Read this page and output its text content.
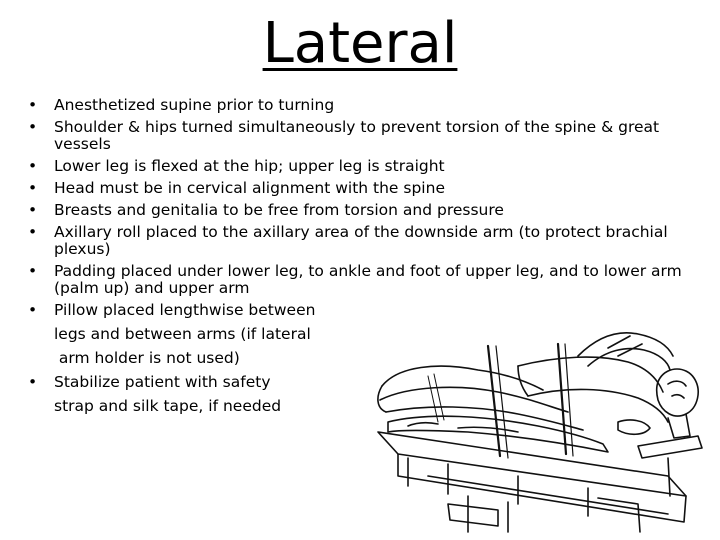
Lateral
• Anesthetized supine prior to turning
• Shoulder & hips turned simultaneously to prevent torsion of the spine & great vessels
• Lower leg is flexed at the hip; upper leg is straight
• Head must be in cervical alignment with the spine
• Breasts and genitalia to be free from torsion and pressure
• Axillary roll placed to the axillary area of the downside arm (to protect brachial plexus)
• Padding placed under lower leg, to ankle and foot of upper leg, and to lower arm (palm up) and upper arm
• Pillow placed lengthwise between
legs and between arms (if lateral
arm holder is not used)
• Stabilize patient with safety
strap and silk tape, if needed
